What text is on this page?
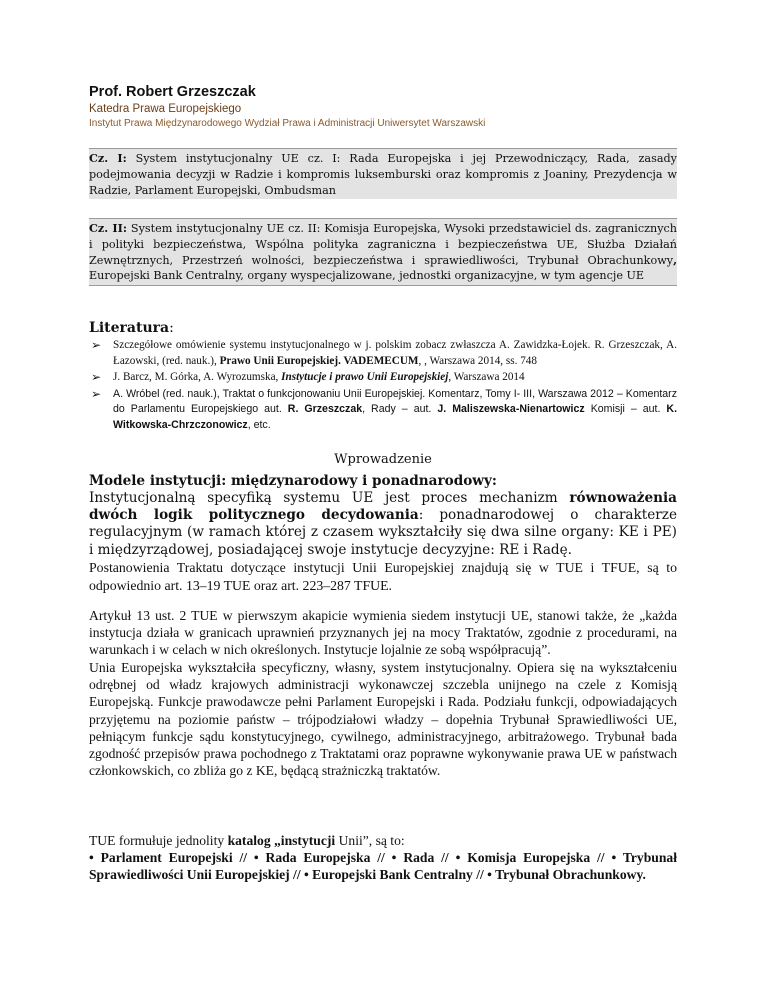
Prof. Robert Grzeszczak
Katedra Prawa Europejskiego
Instytut Prawa Międzynarodowego Wydział Prawa i Administracji Uniwersytet Warszawski
Cz. I: System instytucjonalny UE cz. I: Rada Europejska i jej Przewodniczący, Rada, zasady podejmowania decyzji w Radzie i kompromis luksemburski oraz kompromis z Joaniny, Prezydencja w Radzie, Parlament Europejski, Ombudsman
Cz. II: System instytucjonalny UE cz. II: Komisja Europejska, Wysoki przedstawiciel ds. zagranicznych i polityki bezpieczeństwa, Wspólna polityka zagraniczna i bezpieczeństwa UE, Służba Działań Zewnętrznych, Przestrzeń wolności, bezpieczeństwa i sprawiedliwości, Trybunał Obrachunkowy, Europejski Bank Centralny, organy wyspecjalizowane, jednostki organizacyjne, w tym agencje UE
Literatura:
➢ Szczegółowe omówienie systemu instytucjonalnego w j. polskim zobacz zwłaszcza A. Zawidzka-Łojek. R. Grzeszczak, A. Łazowski, (red. nauk.), Prawo Unii Europejskiej. VADEMECUM, , Warszawa 2014, ss. 748
➢ J. Barcz, M. Górka, A. Wyrozumska, Instytucje i prawo Unii Europejskiej, Warszawa 2014
➢ A. Wróbel (red. nauk.), Traktat o funkcjonowaniu Unii Europejskiej. Komentarz, Tomy I- III, Warszawa 2012 – Komentarz do Parlamentu Europejskiego aut. R. Grzeszczak, Rady – aut. J. Maliszewska-Nienartowicz Komisji – aut. K. Witkowska-Chrzczonowicz, etc.
Wprowadzenie
Modele instytucji: międzynarodowy i ponadnarodowy:
Instytucjonalną specyfiką systemu UE jest proces mechanizm równoważenia dwóch logik politycznego decydowania: ponadnarodowej o charakterze regulacyjnym (w ramach której z czasem wykształciły się dwa silne organy: KE i PE) i międzyrządowej, posiadającej swoje instytucje decyzyjne: RE i Radę.
Postanowienia Traktatu dotyczące instytucji Unii Europejskiej znajdują się w TUE i TFUE, są to odpowiednio art. 13–19 TUE oraz art. 223–287 TFUE.
Artykuł 13 ust. 2 TUE w pierwszym akapicie wymienia siedem instytucji UE, stanowi także, że „każda instytucja działa w granicach uprawnień przyznanych jej na mocy Traktatów, zgodnie z procedurami, na warunkach i w celach w nich określonych. Instytucje lojalnie ze sobą współpracują”.
Unia Europejska wykształciła specyficzny, własny, system instytucjonalny. Opiera się na wykształceniu odrębnej od władz krajowych administracji wykonawczej szczebla unijnego na czele z Komisją Europejską. Funkcje prawodawcze pełni Parlament Europejski i Rada. Podziału funkcji, odpowiadających przyjętemu na poziomie państw – trójpodziałowi władzy – dopełnia Trybunał Sprawiedliwości UE, pełniącym funkcje sądu konstytucyjnego, cywilnego, administracyjnego, arbitrażowego. Trybunał bada zgodność przepisów prawa pochodnego z Traktatami oraz poprawne wykonywanie prawa UE w państwach członkowskich, co zbliża go z KE, będącą strażniczką traktatów.
TUE formułuje jednolity katalog „instytucji Unii”, są to:
• Parlament Europejski // • Rada Europejska // • Rada // • Komisja Europejska // • Trybunał Sprawiedliwości Unii Europejskiej // • Europejski Bank Centralny // • Trybunał Obrachunkowy.
